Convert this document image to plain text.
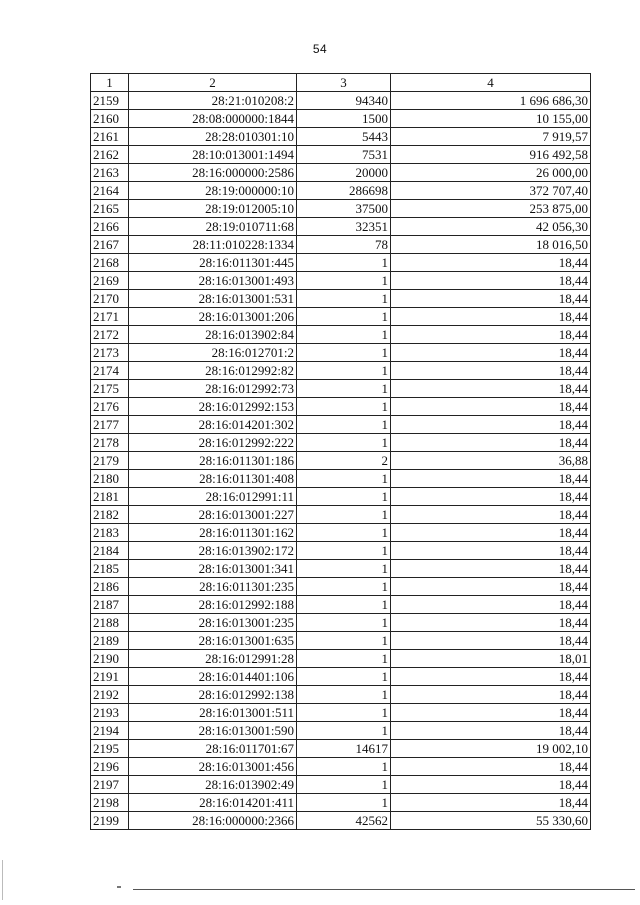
54
1	2	3	4
2159	28:21:010208:2	94340	1 696 686,30
2160	28:08:000000:1844	1500	10 155,00
2161	28:28:010301:10	5443	7 919,57
2162	28:10:013001:1494	7531	916 492,58
2163	28:16:000000:2586	20000	26 000,00
2164	28:19:000000:10	286698	372 707,40
2165	28:19:012005:10	37500	253 875,00
2166	28:19:010711:68	32351	42 056,30
2167	28:11:010228:1334	78	18 016,50
2168	28:16:011301:445	1	18,44
2169	28:16:013001:493	1	18,44
2170	28:16:013001:531	1	18,44
2171	28:16:013001:206	1	18,44
2172	28:16:013902:84	1	18,44
2173	28:16:012701:2	1	18,44
2174	28:16:012992:82	1	18,44
2175	28:16:012992:73	1	18,44
2176	28:16:012992:153	1	18,44
2177	28:16:014201:302	1	18,44
2178	28:16:012992:222	1	18,44
2179	28:16:011301:186	2	36,88
2180	28:16:011301:408	1	18,44
2181	28:16:012991:11	1	18,44
2182	28:16:013001:227	1	18,44
2183	28:16:011301:162	1	18,44
2184	28:16:013902:172	1	18,44
2185	28:16:013001:341	1	18,44
2186	28:16:011301:235	1	18,44
2187	28:16:012992:188	1	18,44
2188	28:16:013001:235	1	18,44
2189	28:16:013001:635	1	18,44
2190	28:16:012991:28	1	18,01
2191	28:16:014401:106	1	18,44
2192	28:16:012992:138	1	18,44
2193	28:16:013001:511	1	18,44
2194	28:16:013001:590	1	18,44
2195	28:16:011701:67	14617	19 002,10
2196	28:16:013001:456	1	18,44
2197	28:16:013902:49	1	18,44
2198	28:16:014201:411	1	18,44
2199	28:16:000000:2366	42562	55 330,60
